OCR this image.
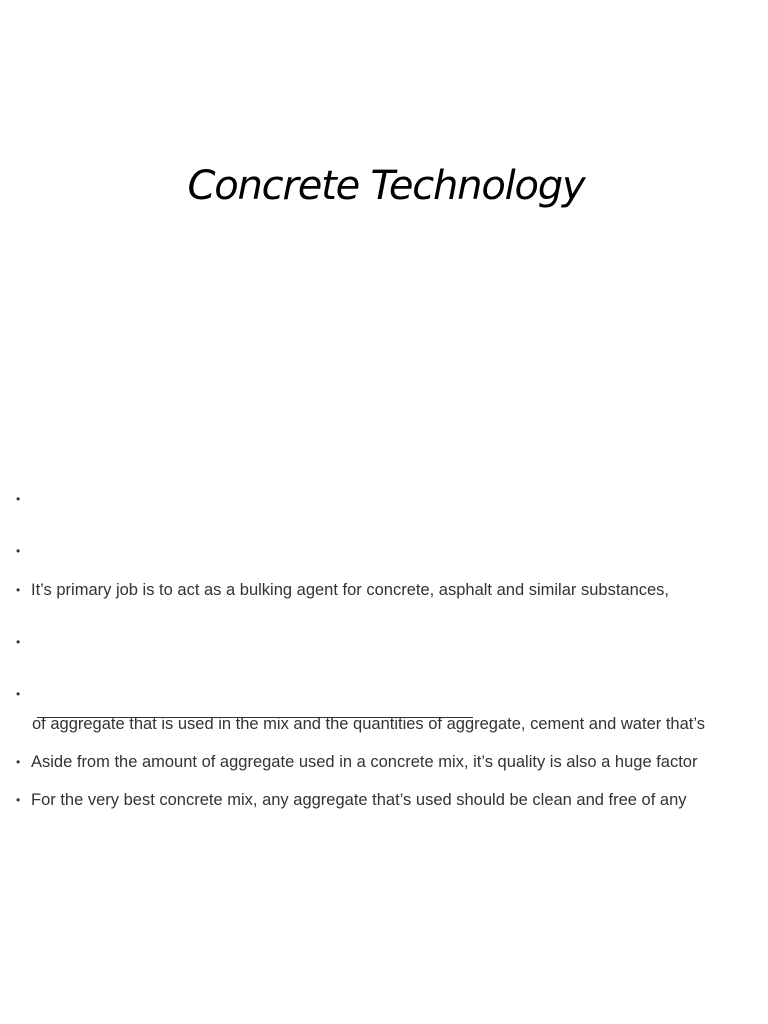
Concrete Technology
•
•
• It’s primary job is to act as a bulking agent for concrete, asphalt and similar substances,
•
•
• Aside from the amount of aggregate used in a concrete mix, it’s quality is also a huge factor
• For the very best concrete mix, any aggregate that’s used should be clean and free of any
of aggregate that is used in the mix and the quantities of aggregate, cement and water that’s
